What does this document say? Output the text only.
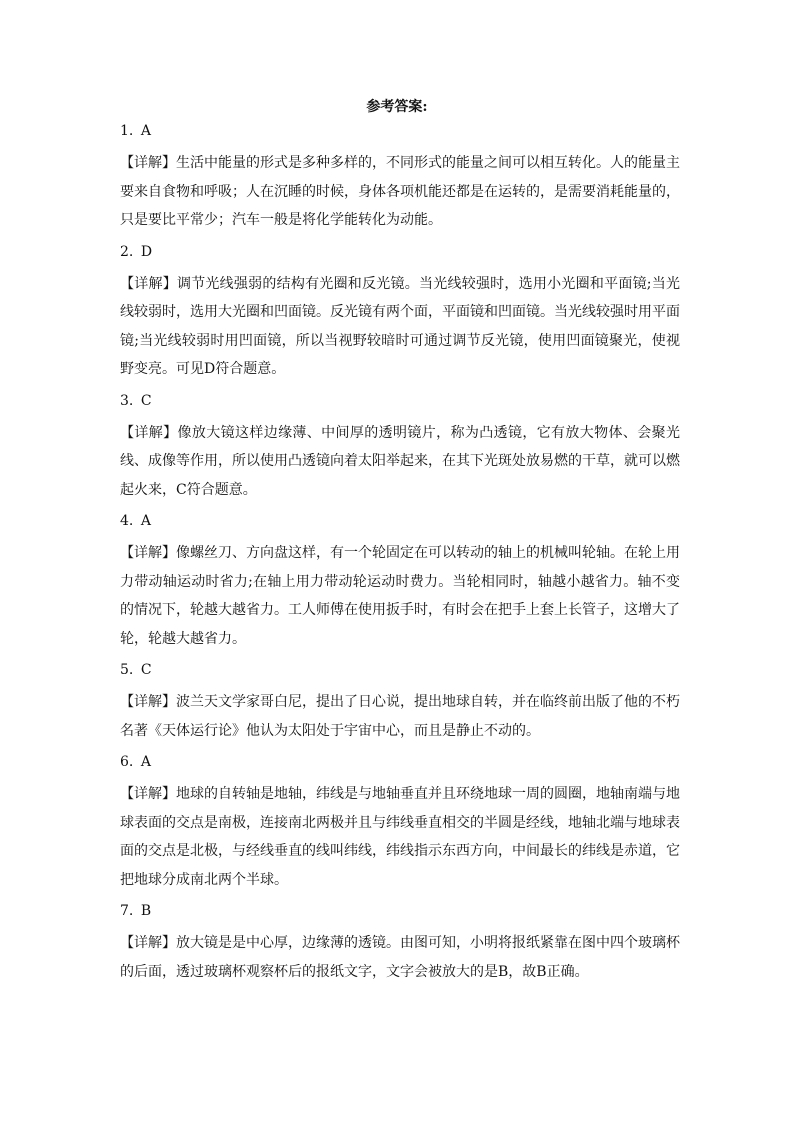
参考答案:
1. A
【详解】生活中能量的形式是多种多样的，不同形式的能量之间可以相互转化。人的能量主要来自食物和呼吸；人在沉睡的时候，身体各项机能还都是在运转的，是需要消耗能量的，只是要比平常少；汽车一般是将化学能转化为动能。
2. D
【详解】调节光线强弱的结构有光圈和反光镜。当光线较强时，选用小光圈和平面镜;当光线较弱时，选用大光圈和凹面镜。反光镜有两个面，平面镜和凹面镜。当光线较强时用平面镜;当光线较弱时用凹面镜，所以当视野较暗时可通过调节反光镜，使用凹面镜聚光，使视野变亮。可见D符合题意。
3. C
【详解】像放大镜这样边缘薄、中间厚的透明镜片，称为凸透镜，它有放大物体、会聚光线、成像等作用，所以使用凸透镜向着太阳举起来，在其下光斑处放易燃的干草，就可以燃起火来，C符合题意。
4. A
【详解】像螺丝刀、方向盘这样，有一个轮固定在可以转动的轴上的机械叫轮轴。在轮上用力带动轴运动时省力;在轴上用力带动轮运动时费力。当轮相同时，轴越小越省力。轴不变的情况下，轮越大越省力。工人师傅在使用扳手时，有时会在把手上套上长管子，这增大了轮，轮越大越省力。
5. C
【详解】波兰天文学家哥白尼，提出了日心说，提出地球自转，并在临终前出版了他的不朽名著《天体运行论》他认为太阳处于宇宙中心，而且是静止不动的。
6. A
【详解】地球的自转轴是地轴，纬线是与地轴垂直并且环绕地球一周的圆圈，地轴南端与地球表面的交点是南极，连接南北两极并且与纬线垂直相交的半圆是经线，地轴北端与地球表面的交点是北极，与经线垂直的线叫纬线，纬线指示东西方向，中间最长的纬线是赤道，它把地球分成南北两个半球。
7. B
【详解】放大镜是是中心厚，边缘薄的透镜。由图可知，小明将报纸紧靠在图中四个玻璃杯的后面，透过玻璃杯观察杯后的报纸文字，文字会被放大的是B，故B正确。
